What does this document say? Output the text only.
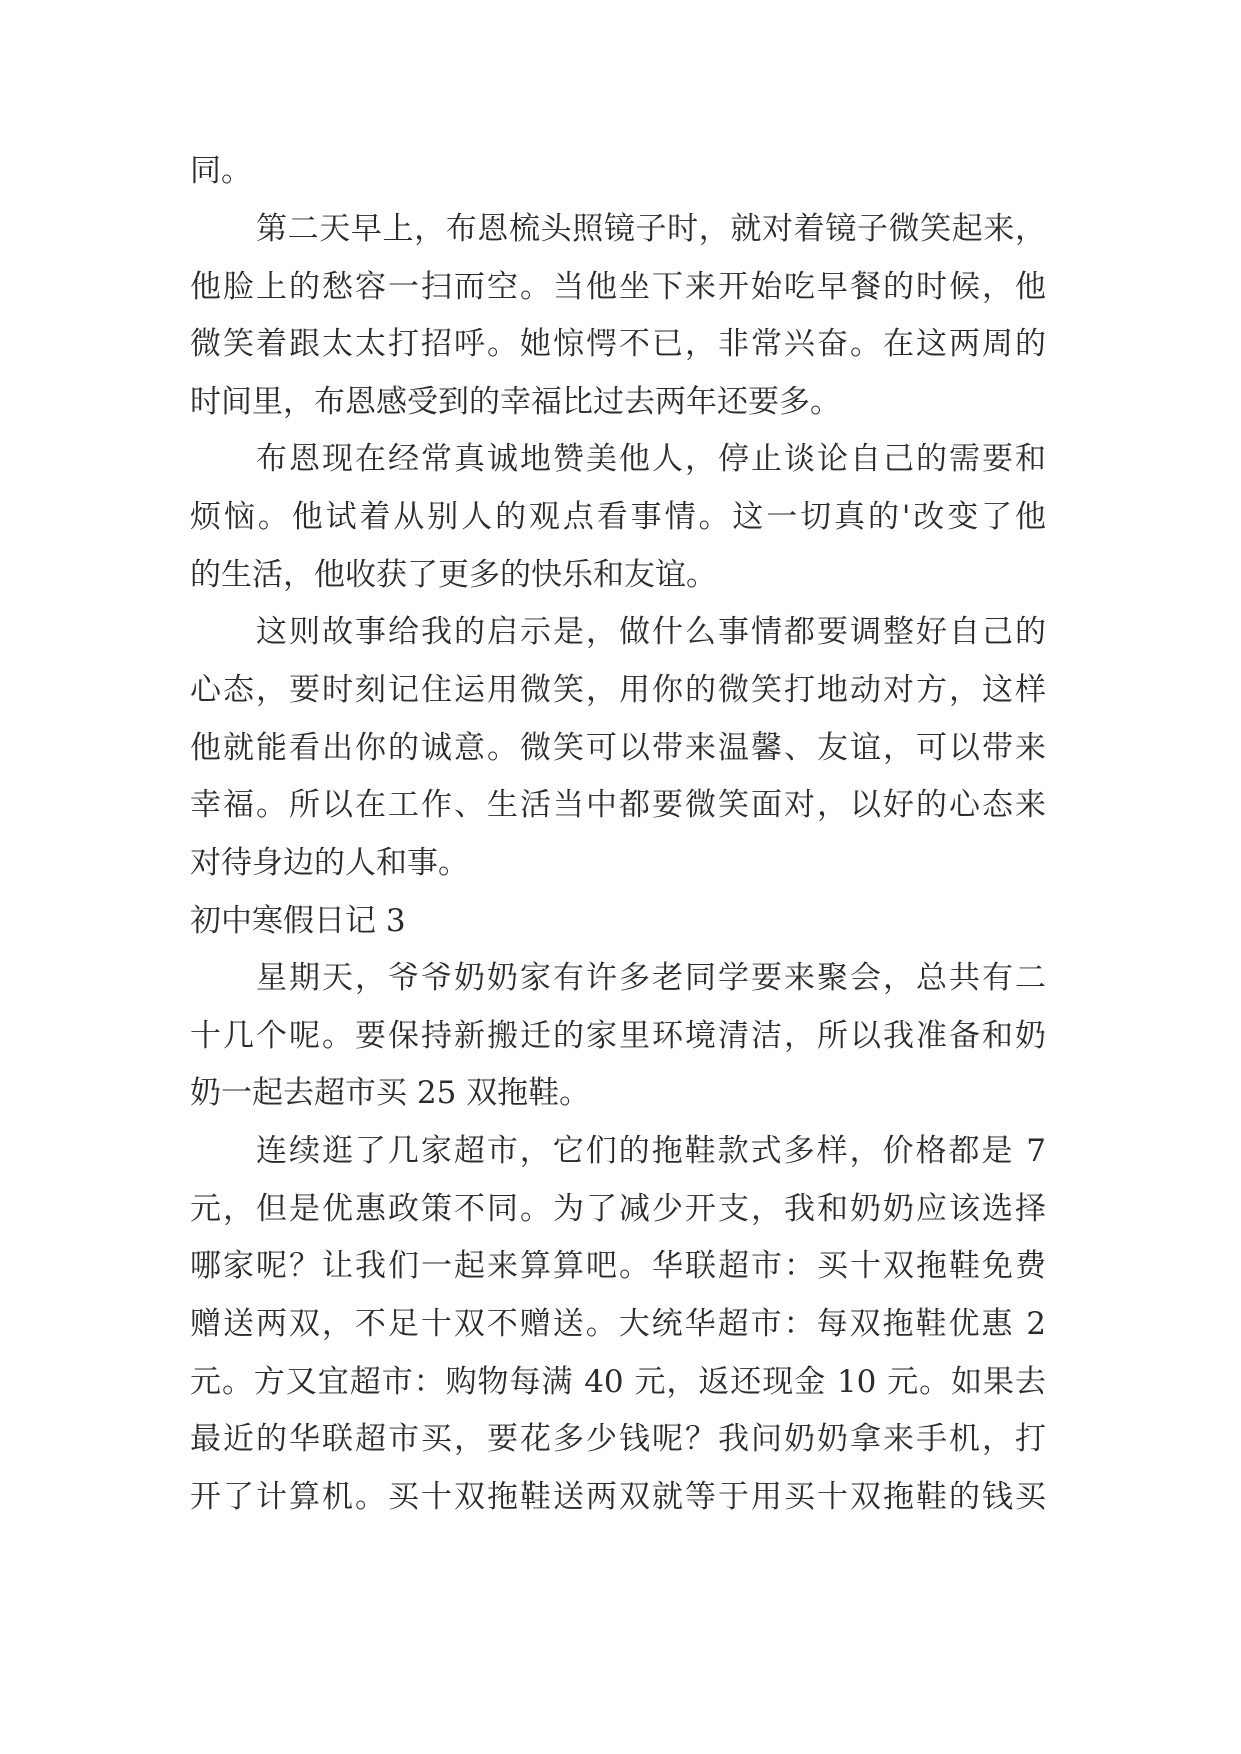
同。

第二天早上，布恩梳头照镜子时，就对着镜子微笑起来，

他脸上的愁容一扫而空。当他坐下来开始吃早餐的时候，他

微笑着跟太太打招呼。她惊愕不已，非常兴奋。在这两周的

时间里，布恩感受到的幸福比过去两年还要多。

布恩现在经常真诚地赞美他人，停止谈论自己的需要和

烦恼。他试着从别人的观点看事情。这一切真的'改变了他

的生活，他收获了更多的快乐和友谊。

这则故事给我的启示是，做什么事情都要调整好自己的

心态，要时刻记住运用微笑，用你的微笑打地动对方，这样

他就能看出你的诚意。微笑可以带来温馨、友谊，可以带来

幸福。所以在工作、生活当中都要微笑面对，以好的心态来

对待身边的人和事。

初中寒假日记 3

星期天，爷爷奶奶家有许多老同学要来聚会，总共有二

十几个呢。要保持新搬迁的家里环境清洁，所以我准备和奶

奶一起去超市买 25 双拖鞋。

连续逛了几家超市，它们的拖鞋款式多样，价格都是 7

元，但是优惠政策不同。为了减少开支，我和奶奶应该选择

哪家呢？让我们一起来算算吧。华联超市：买十双拖鞋免费

赠送两双，不足十双不赠送。大统华超市：每双拖鞋优惠 2

元。方又宜超市：购物每满 40 元，返还现金 10 元。如果去

最近的华联超市买，要花多少钱呢？我问奶奶拿来手机，打

开了计算机。买十双拖鞋送两双就等于用买十双拖鞋的钱买
